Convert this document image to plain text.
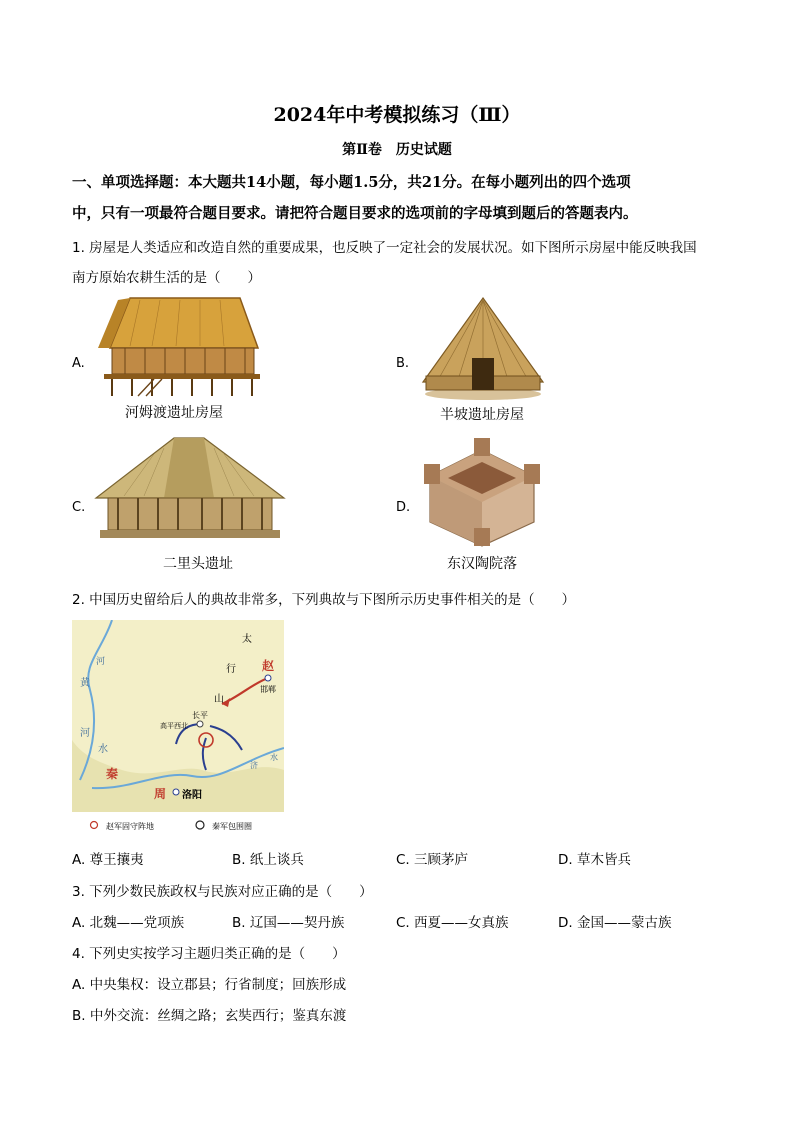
2024年中考模拟练习（Ⅲ）
第Ⅱ卷　历史试题
一、单项选择题：本大题共14小题，每小题1.5分，共21分。在每小题列出的四个选项
中，只有一项最符合题目要求。请把符合题目要求的选项前的字母填到题后的答题表内。
1. 房屋是人类适应和改造自然的重要成果，也反映了一定社会的发展状况。如下图所示房屋中能反映我国
南方原始农耕生活的是（　　）
A.
河姆渡遗址房屋
B.
半坡遗址房屋
C.
二里头遗址
D.
东汉陶院落
2. 中国历史留给后人的典故非常多，下列典故与下图所示历史事件相关的是（　　）
太
行
山
河
黄
河
水
赵
邯郸
长平
高平西北
秦
周 洛阳
济
水
赵军固守阵地	秦军包围圈
A. 尊王攘夷	B. 纸上谈兵	C. 三顾茅庐	D. 草木皆兵
3. 下列少数民族政权与民族对应正确的是（　　）
A. 北魏——党项族	B. 辽国——契丹族	C. 西夏——女真族	D. 金国——蒙古族
4. 下列史实按学习主题归类正确的是（　　）
A. 中央集权：设立郡县；行省制度；回族形成
B. 中外交流：丝绸之路；玄奘西行；鉴真东渡
